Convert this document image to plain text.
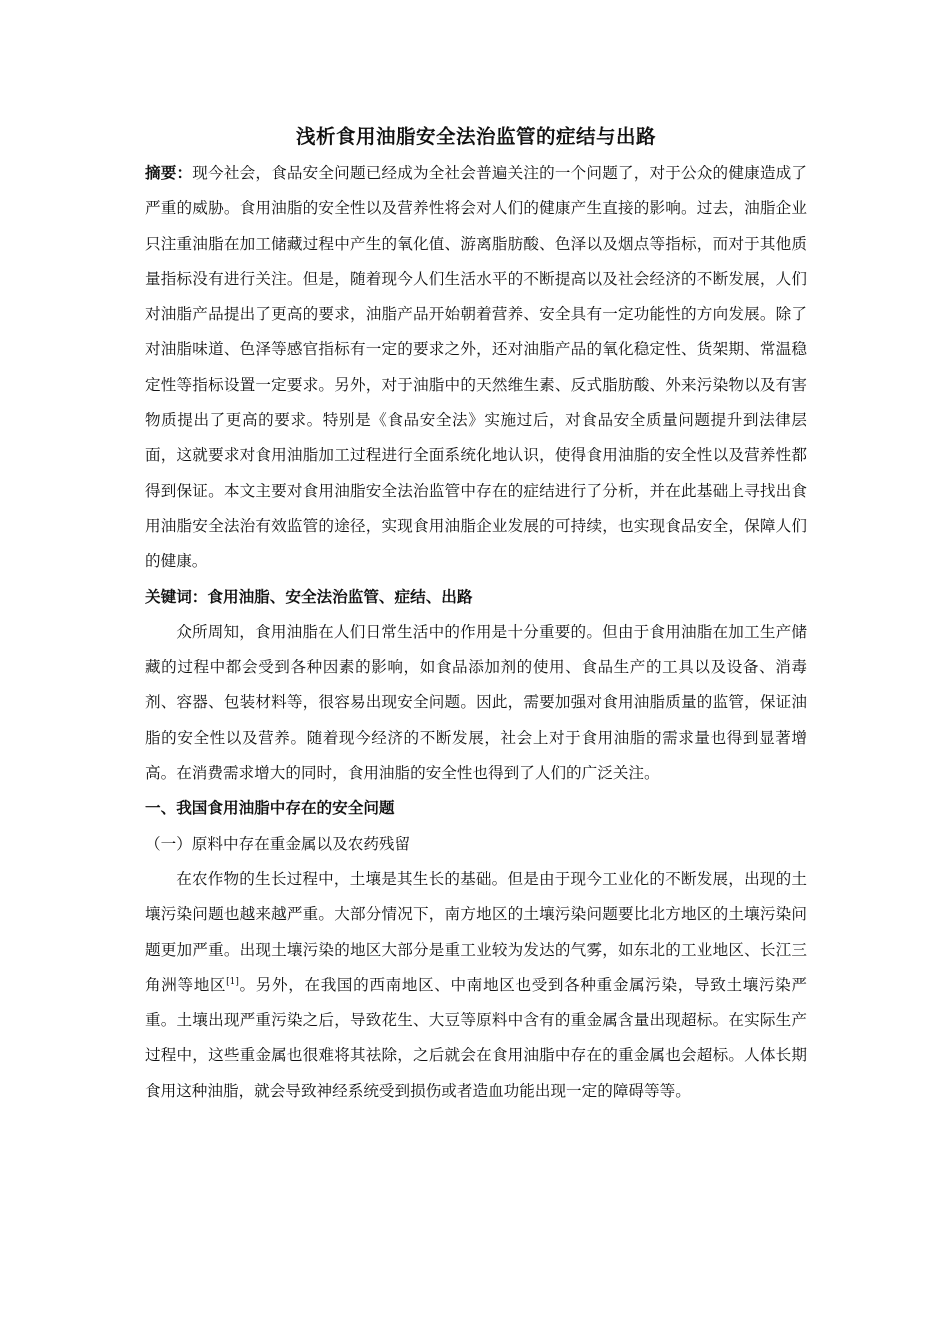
浅析食用油脂安全法治监管的症结与出路

摘要：现今社会，食品安全问题已经成为全社会普遍关注的一个问题了，对于公众的健康造成了严重的威胁。食用油脂的安全性以及营养性将会对人们的健康产生直接的影响。过去，油脂企业只注重油脂在加工储藏过程中产生的氧化值、游离脂肪酸、色泽以及烟点等指标，而对于其他质量指标没有进行关注。但是，随着现今人们生活水平的不断提高以及社会经济的不断发展，人们对油脂产品提出了更高的要求，油脂产品开始朝着营养、安全具有一定功能性的方向发展。除了对油脂味道、色泽等感官指标有一定的要求之外，还对油脂产品的氧化稳定性、货架期、常温稳定性等指标设置一定要求。另外，对于油脂中的天然维生素、反式脂肪酸、外来污染物以及有害物质提出了更高的要求。特别是《食品安全法》实施过后，对食品安全质量问题提升到法律层面，这就要求对食用油脂加工过程进行全面系统化地认识，使得食用油脂的安全性以及营养性都得到保证。本文主要对食用油脂安全法治监管中存在的症结进行了分析，并在此基础上寻找出食用油脂安全法治有效监管的途径，实现食用油脂企业发展的可持续，也实现食品安全，保障人们的健康。

关键词：食用油脂、安全法治监管、症结、出路

众所周知，食用油脂在人们日常生活中的作用是十分重要的。但由于食用油脂在加工生产储藏的过程中都会受到各种因素的影响，如食品添加剂的使用、食品生产的工具以及设备、消毒剂、容器、包装材料等，很容易出现安全问题。因此，需要加强对食用油脂质量的监管，保证油脂的安全性以及营养。随着现今经济的不断发展，社会上对于食用油脂的需求量也得到显著增高。在消费需求增大的同时，食用油脂的安全性也得到了人们的广泛关注。

一、我国食用油脂中存在的安全问题

（一）原料中存在重金属以及农药残留

在农作物的生长过程中，土壤是其生长的基础。但是由于现今工业化的不断发展，出现的土壤污染问题也越来越严重。大部分情况下，南方地区的土壤污染问题要比北方地区的土壤污染问题更加严重。出现土壤污染的地区大部分是重工业较为发达的气雾，如东北的工业地区、长江三角洲等地区[1]。另外，在我国的西南地区、中南地区也受到各种重金属污染，导致土壤污染严重。土壤出现严重污染之后，导致花生、大豆等原料中含有的重金属含量出现超标。在实际生产过程中，这些重金属也很难将其祛除，之后就会在食用油脂中存在的重金属也会超标。人体长期食用这种油脂，就会导致神经系统受到损伤或者造血功能出现一定的障碍等等。
